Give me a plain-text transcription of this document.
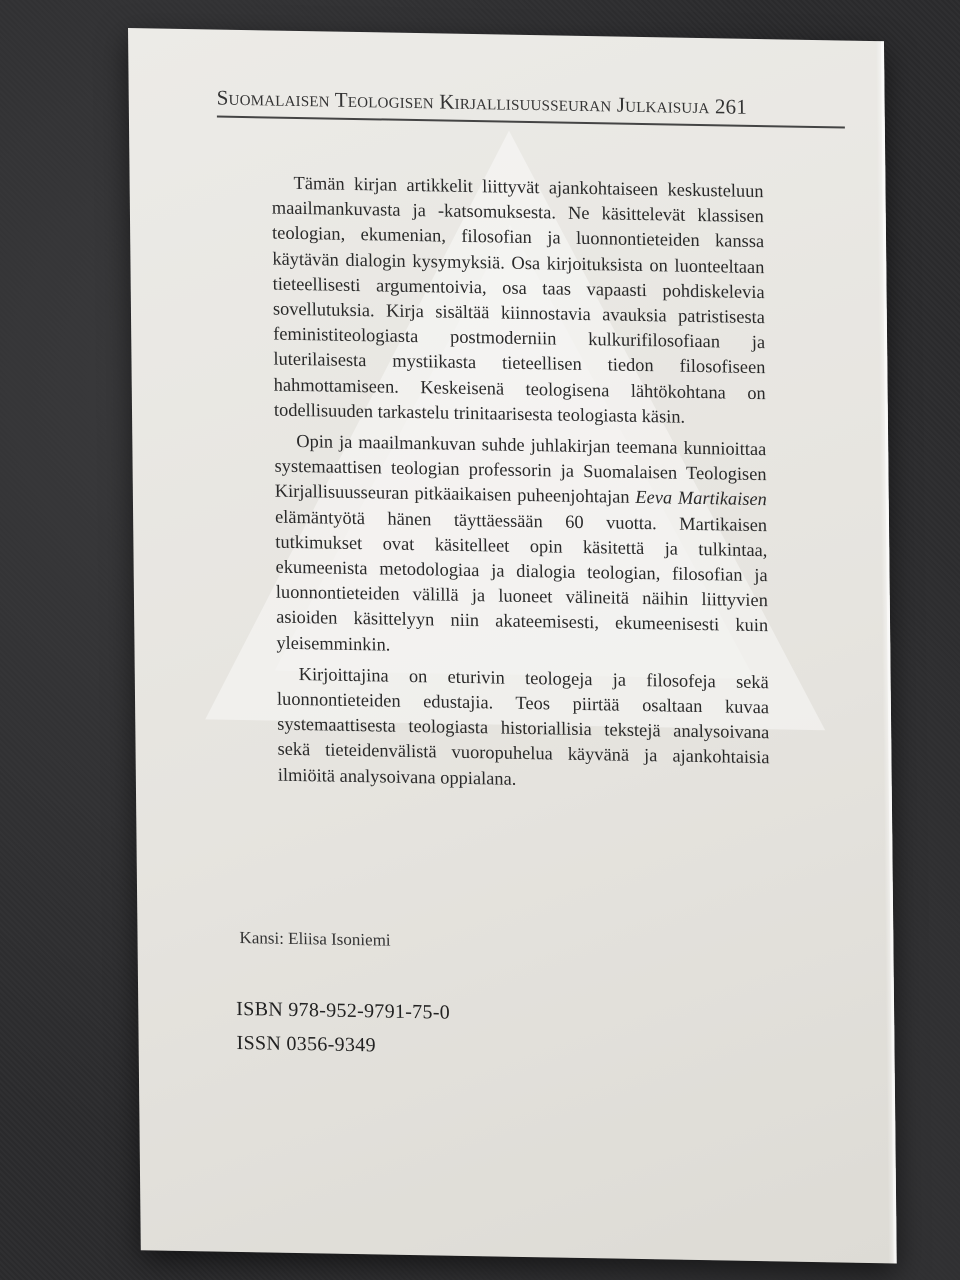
Suomalaisen Teologisen Kirjallisuusseuran Julkaisuja 261

Tämän kirjan artikkelit liittyvät ajankohtaiseen keskusteluun maailmankuvasta ja -katsomuksesta. Ne käsittelevät klassisen teologian, ekumenian, filosofian ja luonnontieteiden kanssa käytävän dialogin kysymyksiä. Osa kirjoituksista on luonteeltaan tieteellisesti argumentoivia, osa taas vapaasti pohdiskelevia sovellutuksia. Kirja sisältää kiinnostavia avauksia patristisesta feministiteologiasta postmoderniin kulkurifilosofiaan ja luterilaisesta mystiikasta tieteellisen tiedon filosofiseen hahmottamiseen. Keskeisenä teologisena lähtökohtana on todellisuuden tarkastelu trinitaarisesta teologiasta käsin.

Opin ja maailmankuvan suhde juhlakirjan teemana kunnioittaa systemaattisen teologian professorin ja Suomalaisen Teologisen Kirjallisuusseuran pitkäaikaisen puheenjohtajan Eeva Martikaisen elämäntyötä hänen täyttäessään 60 vuotta. Martikaisen tutkimukset ovat käsitelleet opin käsitettä ja tulkintaa, ekumeenista metodologiaa ja dialogia teologian, filosofian ja luonnontieteiden välillä ja luoneet välineitä näihin liittyvien asioiden käsittelyyn niin akateemisesti, ekumeenisesti kuin yleisemminkin.

Kirjoittajina on eturivin teologeja ja filosofeja sekä luonnontieteiden edustajia. Teos piirtää osaltaan kuvaa systemaattisesta teologiasta historiallisia tekstejä analysoivana sekä tieteidenvälistä vuoropuhelua käyvänä ja ajankohtaisia ilmiöitä analysoivana oppialana.

Kansi: Eliisa Isoniemi
ISBN 978-952-9791-75-0
ISSN 0356-9349
